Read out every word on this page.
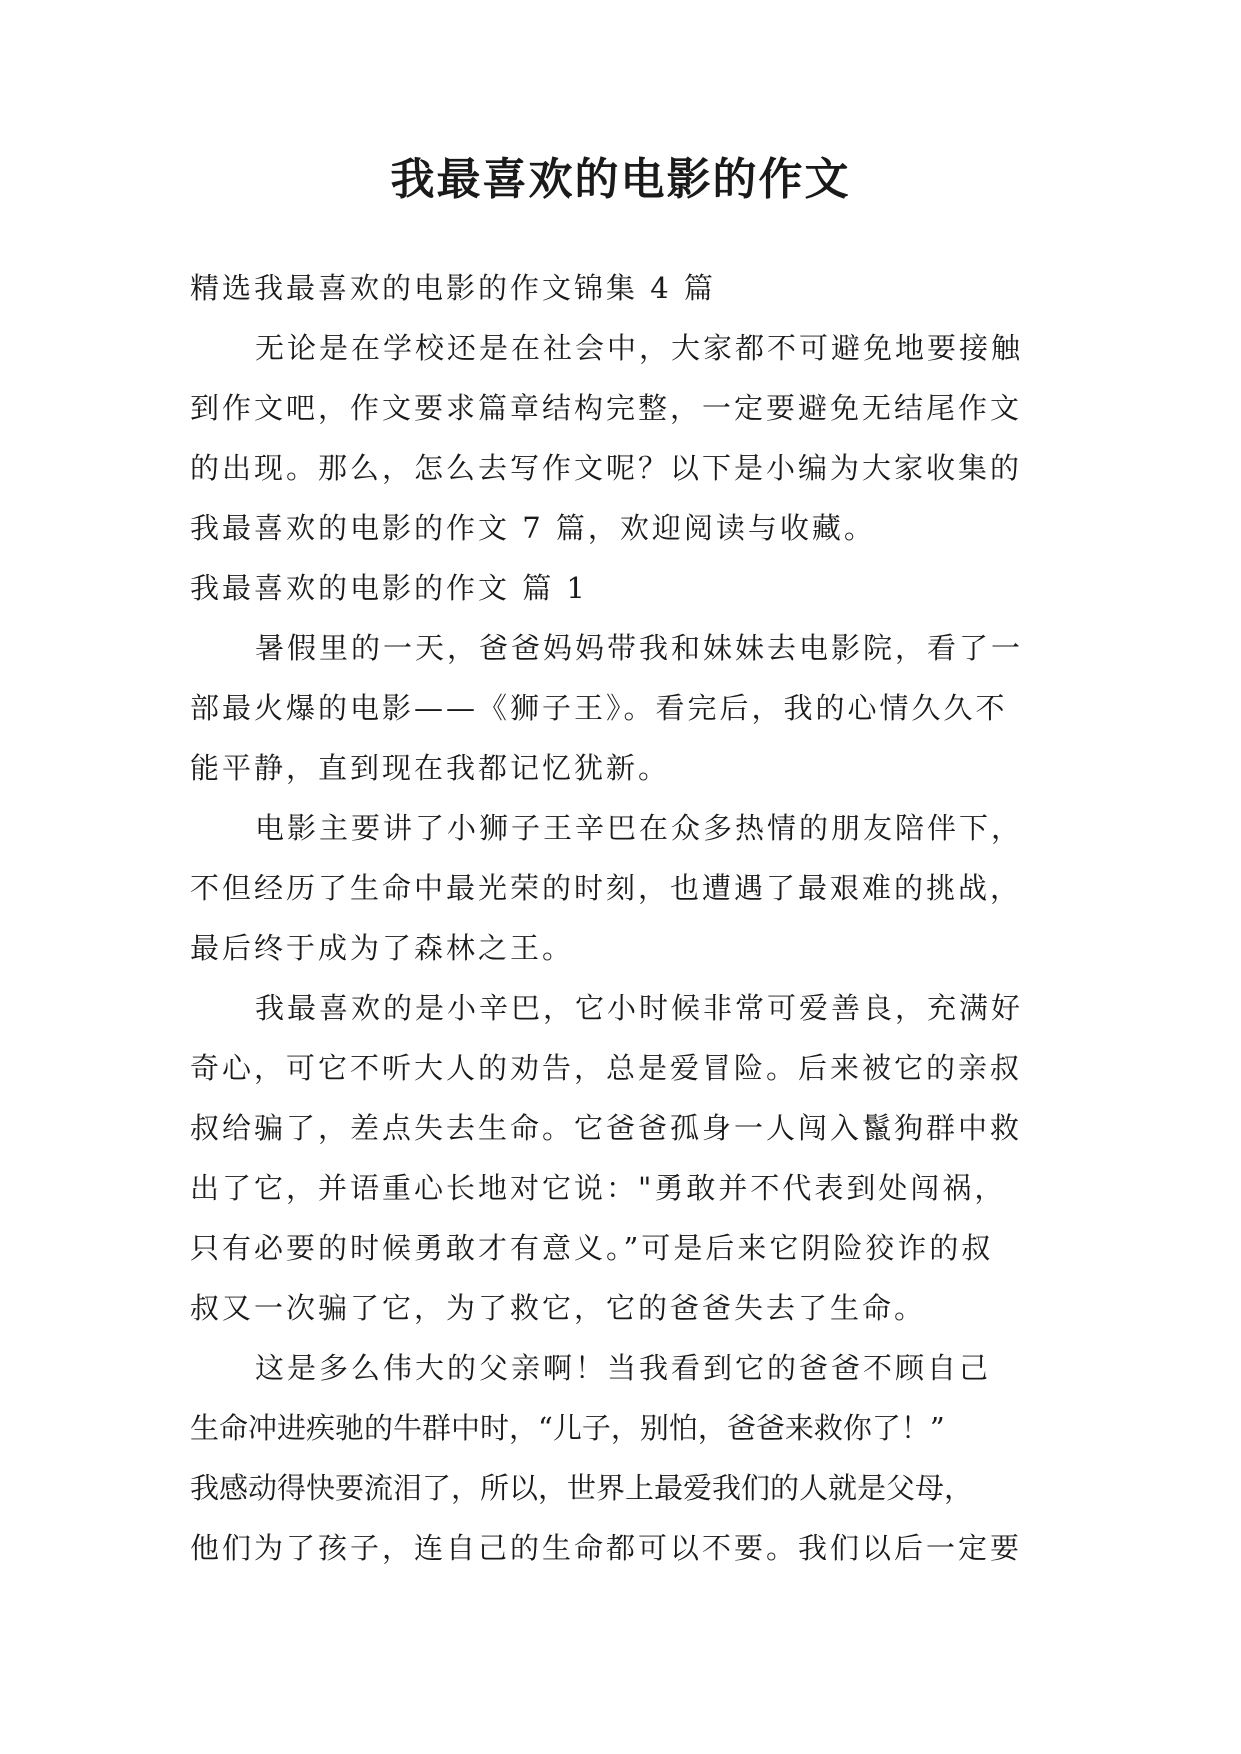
我最喜欢的电影的作文

精选我最喜欢的电影的作文锦集 4 篇

无论是在学校还是在社会中，大家都不可避免地要接触

到作文吧，作文要求篇章结构完整，一定要避免无结尾作文

的出现。那么，怎么去写作文呢？以下是小编为大家收集的

我最喜欢的电影的作文 7 篇，欢迎阅读与收藏。

我最喜欢的电影的作文 篇 1

暑假里的一天，爸爸妈妈带我和妹妹去电影院，看了一

部最火爆的电影——《狮子王》。看完后，我的心情久久不

能平静，直到现在我都记忆犹新。

电影主要讲了小狮子王辛巴在众多热情的朋友陪伴下，

不但经历了生命中最光荣的时刻，也遭遇了最艰难的挑战，

最后终于成为了森林之王。

我最喜欢的是小辛巴，它小时候非常可爱善良，充满好

奇心，可它不听大人的劝告，总是爱冒险。后来被它的亲叔

叔给骗了，差点失去生命。它爸爸孤身一人闯入鬣狗群中救

出了它，并语重心长地对它说："勇敢并不代表到处闯祸，

只有必要的时候勇敢才有意义。”可是后来它阴险狡诈的叔

叔又一次骗了它，为了救它，它的爸爸失去了生命。

这是多么伟大的父亲啊！当我看到它的爸爸不顾自己

生命冲进疾驰的牛群中时，“儿子，别怕，爸爸来救你了！”

我感动得快要流泪了，所以，世界上最爱我们的人就是父母，

他们为了孩子，连自己的生命都可以不要。我们以后一定要
